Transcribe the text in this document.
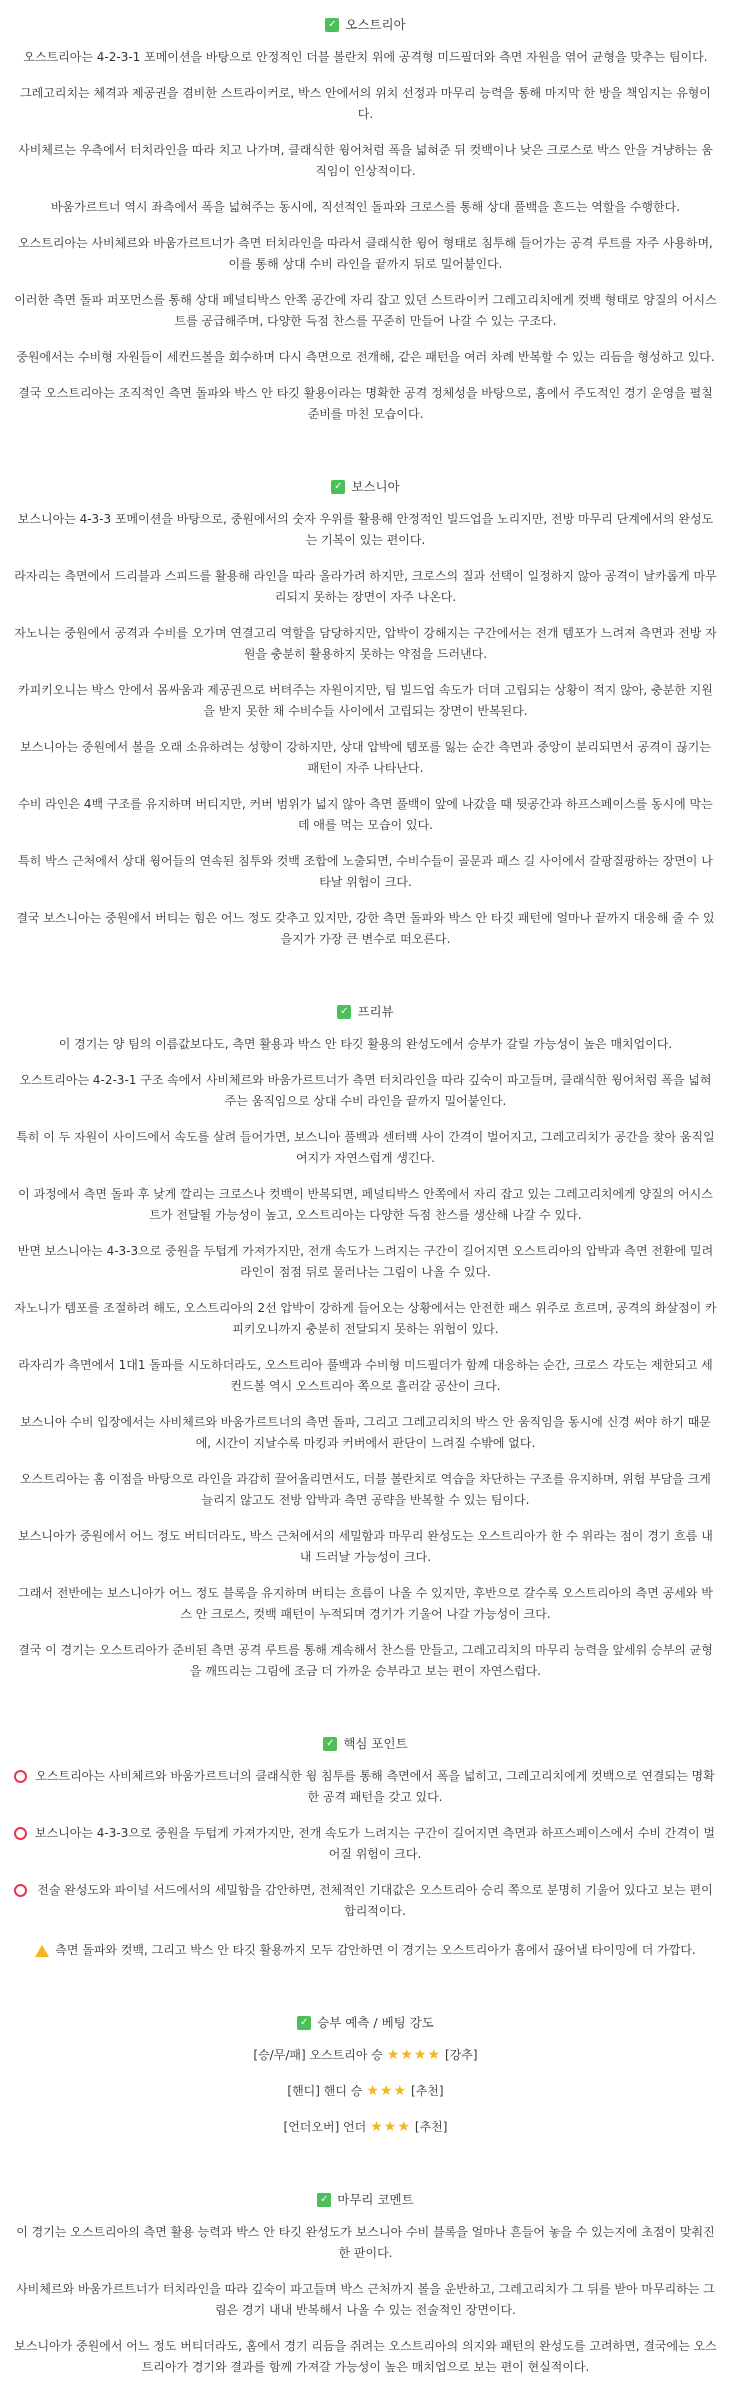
✓ 오스트리아

오스트리아는 4-2-3-1 포메이션을 바탕으로 안정적인 더블 볼란치 위에 공격형 미드필더와 측면 자원을 엮어 균형을 맞추는 팀이다.

그레고리치는 체격과 제공권을 겸비한 스트라이커로, 박스 안에서의 위치 선정과 마무리 능력을 통해 마지막 한 방을 책임지는 유형이다.

사비체르는 우측에서 터치라인을 따라 치고 나가며, 클래식한 윙어처럼 폭을 넓혀준 뒤 컷백이나 낮은 크로스로 박스 안을 겨냥하는 움직임이 인상적이다.

바움가르트너 역시 좌측에서 폭을 넓혀주는 동시에, 직선적인 돌파와 크로스를 통해 상대 풀백을 흔드는 역할을 수행한다.

오스트리아는 사비체르와 바움가르트너가 측면 터치라인을 따라서 클래식한 윙어 형태로 침투해 들어가는 공격 루트를 자주 사용하며, 이를 통해 상대 수비 라인을 끝까지 뒤로 밀어붙인다.

이러한 측면 돌파 퍼포먼스를 통해 상대 페널티박스 안쪽 공간에 자리 잡고 있던 스트라이커 그레고리치에게 컷백 형태로 양질의 어시스트를 공급해주며, 다양한 득점 찬스를 꾸준히 만들어 나갈 수 있는 구조다.

중원에서는 수비형 자원들이 세컨드볼을 회수하며 다시 측면으로 전개해, 같은 패턴을 여러 차례 반복할 수 있는 리듬을 형성하고 있다.

결국 오스트리아는 조직적인 측면 돌파와 박스 안 타깃 활용이라는 명확한 공격 정체성을 바탕으로, 홈에서 주도적인 경기 운영을 펼칠 준비를 마친 모습이다.

✓ 보스니아

보스니아는 4-3-3 포메이션을 바탕으로, 중원에서의 숫자 우위를 활용해 안정적인 빌드업을 노리지만, 전방 마무리 단계에서의 완성도는 기복이 있는 편이다.

라자리는 측면에서 드리블과 스피드를 활용해 라인을 따라 올라가려 하지만, 크로스의 질과 선택이 일정하지 않아 공격이 날카롭게 마무리되지 못하는 장면이 자주 나온다.

자노니는 중원에서 공격과 수비를 오가며 연결고리 역할을 담당하지만, 압박이 강해지는 구간에서는 전개 템포가 느려져 측면과 전방 자원을 충분히 활용하지 못하는 약점을 드러낸다.

카피키오니는 박스 안에서 몸싸움과 제공권으로 버텨주는 자원이지만, 팀 빌드업 속도가 더뎌 고립되는 상황이 적지 않아, 충분한 지원을 받지 못한 채 수비수들 사이에서 고립되는 장면이 반복된다.

보스니아는 중원에서 볼을 오래 소유하려는 성향이 강하지만, 상대 압박에 템포를 잃는 순간 측면과 중앙이 분리되면서 공격이 끊기는 패턴이 자주 나타난다.

수비 라인은 4백 구조를 유지하며 버티지만, 커버 범위가 넓지 않아 측면 풀백이 앞에 나갔을 때 뒷공간과 하프스페이스를 동시에 막는 데 애를 먹는 모습이 있다.

특히 박스 근처에서 상대 윙어들의 연속된 침투와 컷백 조합에 노출되면, 수비수들이 골문과 패스 길 사이에서 갈팡질팡하는 장면이 나타날 위험이 크다.

결국 보스니아는 중원에서 버티는 힘은 어느 정도 갖추고 있지만, 강한 측면 돌파와 박스 안 타깃 패턴에 얼마나 끝까지 대응해 줄 수 있을지가 가장 큰 변수로 떠오른다.

✓ 프리뷰

이 경기는 양 팀의 이름값보다도, 측면 활용과 박스 안 타깃 활용의 완성도에서 승부가 갈릴 가능성이 높은 매치업이다.

오스트리아는 4-2-3-1 구조 속에서 사비체르와 바움가르트너가 측면 터치라인을 따라 깊숙이 파고들며, 클래식한 윙어처럼 폭을 넓혀주는 움직임으로 상대 수비 라인을 끝까지 밀어붙인다.

특히 이 두 자원이 사이드에서 속도를 살려 들어가면, 보스니아 풀백과 센터백 사이 간격이 벌어지고, 그레고리치가 공간을 찾아 움직일 여지가 자연스럽게 생긴다.

이 과정에서 측면 돌파 후 낮게 깔리는 크로스나 컷백이 반복되면, 페널티박스 안쪽에서 자리 잡고 있는 그레고리치에게 양질의 어시스트가 전달될 가능성이 높고, 오스트리아는 다양한 득점 찬스를 생산해 나갈 수 있다.

반면 보스니아는 4-3-3으로 중원을 두텁게 가져가지만, 전개 속도가 느려지는 구간이 길어지면 오스트리아의 압박과 측면 전환에 밀려 라인이 점점 뒤로 물러나는 그림이 나올 수 있다.

자노니가 템포를 조절하려 해도, 오스트리아의 2선 압박이 강하게 들어오는 상황에서는 안전한 패스 위주로 흐르며, 공격의 화살점이 카피키오니까지 충분히 전달되지 못하는 위험이 있다.

라자리가 측면에서 1대1 돌파를 시도하더라도, 오스트리아 풀백과 수비형 미드필더가 함께 대응하는 순간, 크로스 각도는 제한되고 세컨드볼 역시 오스트리아 쪽으로 흘러갈 공산이 크다.

보스니아 수비 입장에서는 사비체르와 바움가르트너의 측면 돌파, 그리고 그레고리치의 박스 안 움직임을 동시에 신경 써야 하기 때문에, 시간이 지날수록 마킹과 커버에서 판단이 느려질 수밖에 없다.

오스트리아는 홈 이점을 바탕으로 라인을 과감히 끌어올리면서도, 더블 볼란치로 역습을 차단하는 구조를 유지하며, 위험 부담을 크게 늘리지 않고도 전방 압박과 측면 공략을 반복할 수 있는 팀이다.

보스니아가 중원에서 어느 정도 버티더라도, 박스 근처에서의 세밀함과 마무리 완성도는 오스트리아가 한 수 위라는 점이 경기 흐름 내내 드러날 가능성이 크다.

그래서 전반에는 보스니아가 어느 정도 블록을 유지하며 버티는 흐름이 나올 수 있지만, 후반으로 갈수록 오스트리아의 측면 공세와 박스 안 크로스, 컷백 패턴이 누적되며 경기가 기울어 나갈 가능성이 크다.

결국 이 경기는 오스트리아가 준비된 측면 공격 루트를 통해 계속해서 찬스를 만들고, 그레고리치의 마무리 능력을 앞세워 승부의 균형을 깨뜨리는 그림에 조금 더 가까운 승부라고 보는 편이 자연스럽다.

✓ 핵심 포인트
오스트리아는 사비체르와 바움가르트너의 클래식한 윙 침투를 통해 측면에서 폭을 넓히고, 그레고리치에게 컷백으로 연결되는 명확한 공격 패턴을 갖고 있다.
보스니아는 4-3-3으로 중원을 두텁게 가져가지만, 전개 속도가 느려지는 구간이 길어지면 측면과 하프스페이스에서 수비 간격이 벌어질 위험이 크다.
전술 완성도와 파이널 서드에서의 세밀함을 감안하면, 전체적인 기대값은 오스트리아 승리 쪽으로 분명히 기울어 있다고 보는 편이 합리적이다.
측면 돌파와 컷백, 그리고 박스 안 타깃 활용까지 모두 감안하면 이 경기는 오스트리아가 홈에서 끊어낼 타이밍에 더 가깝다.
✓ 승부 예측 / 베팅 강도
[승/무/패] 오스트리아 승 ★★★★ [강추]
[핸디] 핸디 승 ★★★ [추천]
[언더오버] 언더 ★★★ [추천]
✓ 마무리 코멘트

이 경기는 오스트리아의 측면 활용 능력과 박스 안 타깃 완성도가 보스니아 수비 블록을 얼마나 흔들어 놓을 수 있는지에 초점이 맞춰진 한 판이다.

사비체르와 바움가르트너가 터치라인을 따라 깊숙이 파고들며 박스 근처까지 볼을 운반하고, 그레고리치가 그 뒤를 받아 마무리하는 그림은 경기 내내 반복해서 나올 수 있는 전술적인 장면이다.

보스니아가 중원에서 어느 정도 버티더라도, 홈에서 경기 리듬을 쥐려는 오스트리아의 의지와 패턴의 완성도를 고려하면, 결국에는 오스트리아가 경기와 결과를 함께 가져갈 가능성이 높은 매치업으로 보는 편이 현실적이다.
